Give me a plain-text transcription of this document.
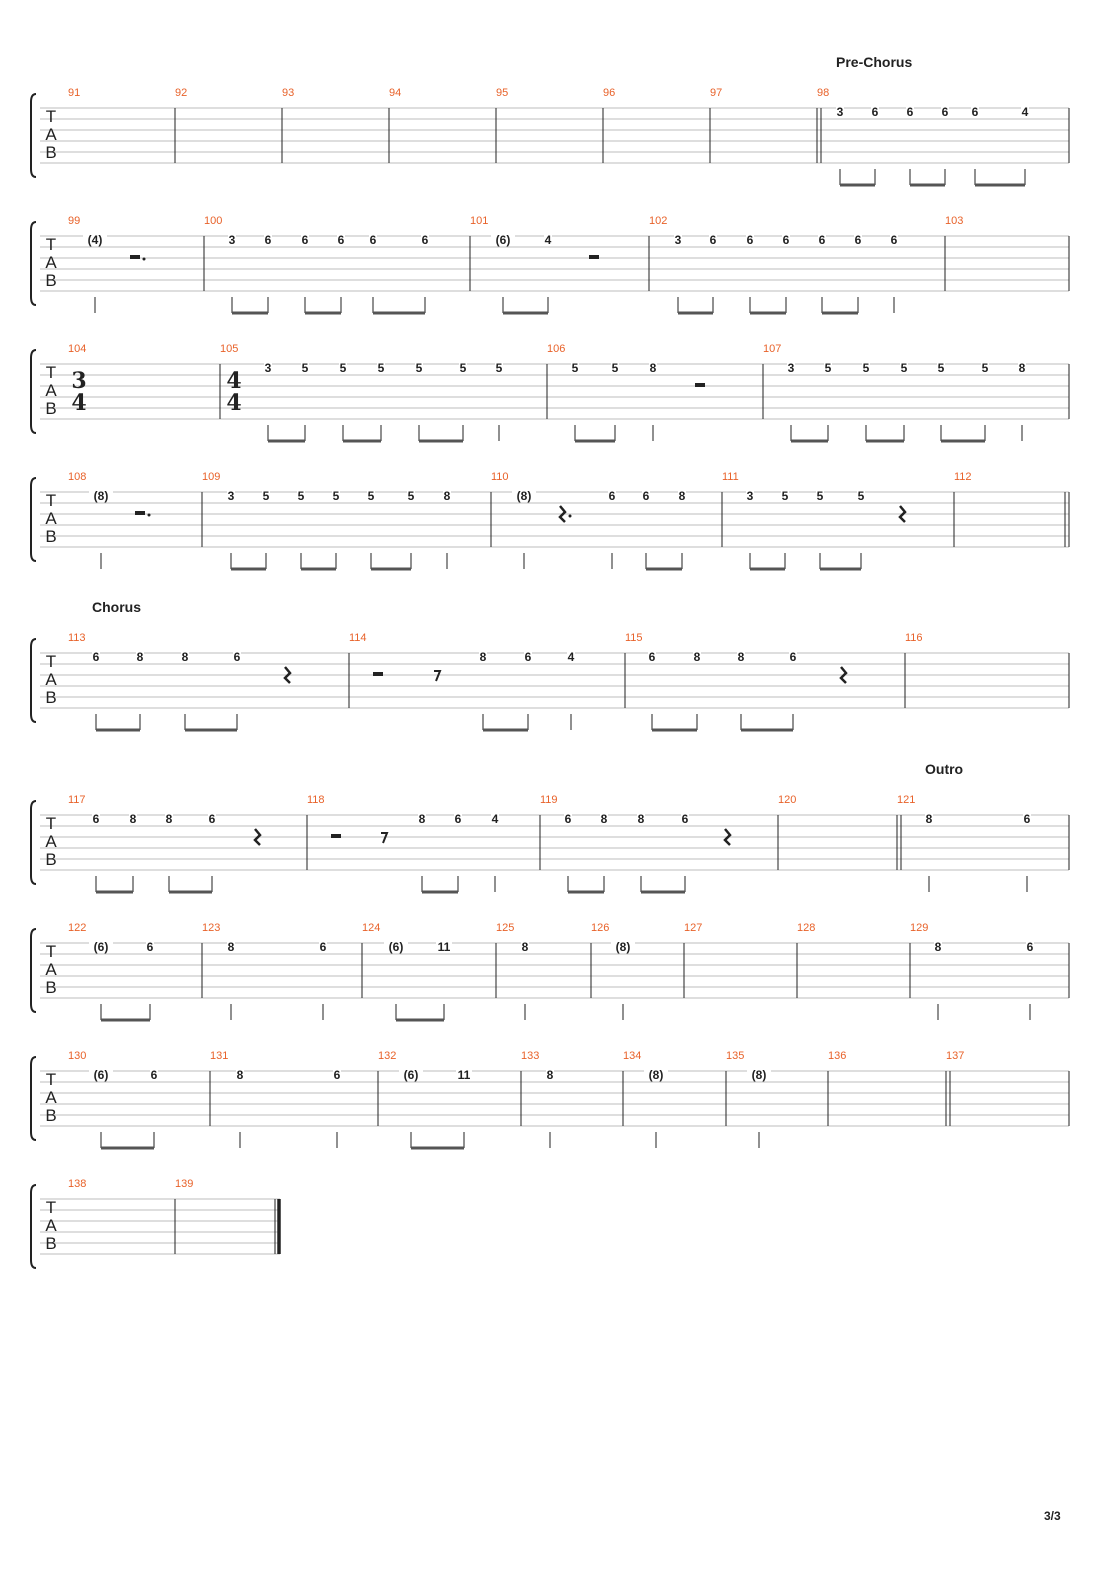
T
A
B
91	92	93	94	95	96	97	98
3 6 6 6 6	4
T
A
B
99
(4)
100
3 6	6 6 6	6
101
(6)	4
102
3 6	6 6 6 6 6
103
T
A
B
104
3
4
105
4
4
3	5	5	5	5	5 5
106
5	5	8
107
3	5	5	5	5	5	8
T
A
B
108
(8)
109
3 5 5 5 5	5 8
110
(8)	6 6 8
111
3 5 5	5
112
T
A
B
113
6	8	8	6
114
8	6	4
115
6	8	8	6
116
T
A
B
117
6	8 8	6
118
8 6	4
119
6 8	8	6
120	121
8	6
T
A
B
122
(6)	6
123
8	6
124
(6)	11
125
8
126
(8)
127	128	129
8	6
T
A
B
130
(6)	6
131
8	6
132
(6)	11
133
8
134
(8)
135
(8)
136	137
T
A
B
138	139
Pre-Chorus
Chorus
Outro
3/3
